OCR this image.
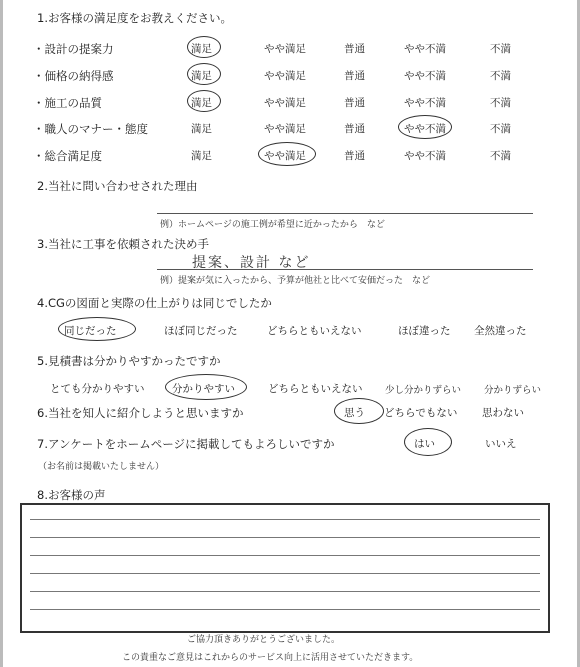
1.お客様の満足度をお教えください。
・設計の提案力	満足	やや満足	普通	やや不満	不満
・価格の納得感	満足	やや満足	普通	やや不満	不満
・施工の品質	満足	やや満足	普通	やや不満	不満
・職人のマナー・態度	満足	やや満足	普通	やや不満	不満
・総合満足度	満足	やや満足	普通	やや不満	不満
2.当社に問い合わせされた理由
例）ホームページの施工例が希望に近かったから　など
3.当社に工事を依頼された決め手
提案、設計 など
例）提案が気に入ったから、予算が他社と比べて安価だった　など
4.CGの図面と実際の仕上がりは同じでしたか
同じだった	ほぼ同じだった	どちらともいえない	ほぼ違った 全然違った
5.見積書は分かりやすかったですか
とても分かりやすい	分かりやすい	どちらともいえない 少し分かりずらい 分かりずらい
6.当社を知人に紹介しようと思いますか	思う どちらでもない 思わない
7.アンケートをホームページに掲載してもよろしいですか	はい	いいえ
（お名前は掲載いたしません）
8.お客様の声
ご協力頂きありがとうございました。
この貴重なご意見はこれからのサービス向上に活用させていただきます。
